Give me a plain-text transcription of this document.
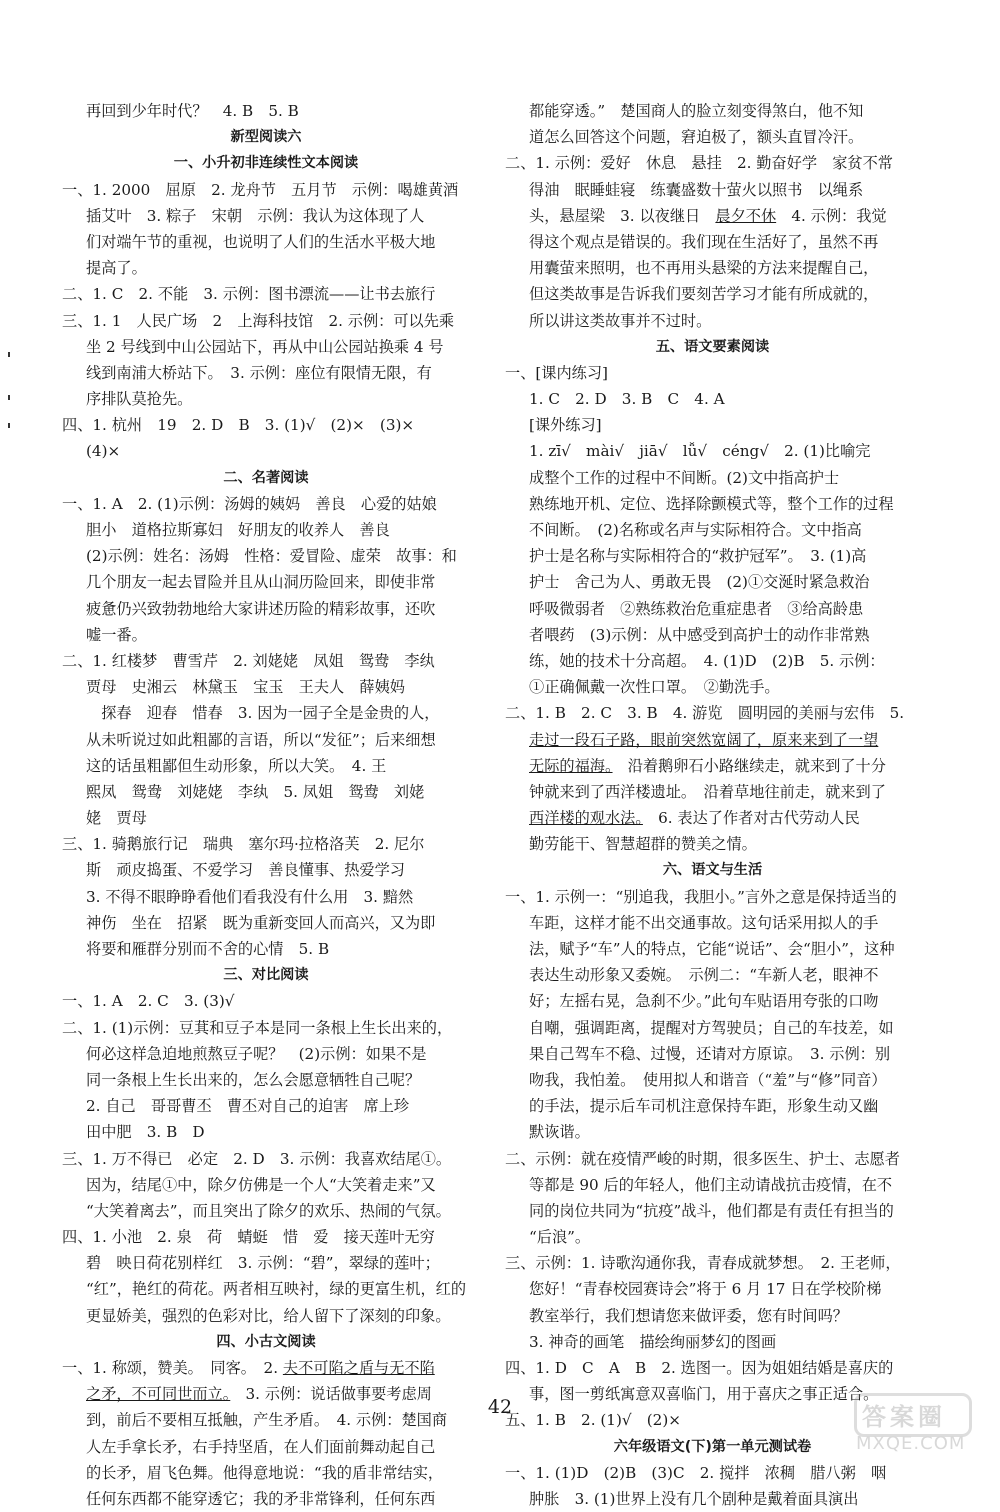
再回到少年时代？　4. B　5. B
新型阅读六
一、小升初非连续性文本阅读
一、1. 2000　屈原　2. 龙舟节　五月节　示例：喝雄黄酒
插艾叶　3. 粽子　宋朝　示例：我认为这体现了人
们对端午节的重视，也说明了人们的生活水平极大地
提高了。
二、1. C　2. 不能　3. 示例：图书漂流——让书去旅行
三、1. 1　人民广场　2　上海科技馆　2. 示例：可以先乘
坐 2 号线到中山公园站下，再从中山公园站换乘 4 号
线到南浦大桥站下。　3. 示例：座位有限情无限，有
序排队莫抢先。
四、1. 杭州　19　2. D　B　3. (1)√　(2)×　(3)×
(4)×
二、名著阅读
一、1. A　2. (1)示例：汤姆的姨妈　善良　心爱的姑娘
胆小　道格拉斯寡妇　好朋友的收养人　善良
(2)示例：姓名：汤姆　性格：爱冒险、虚荣　故事：和
几个朋友一起去冒险并且从山洞历险回来，即使非常
疲惫仍兴致勃勃地给大家讲述历险的精彩故事，还吹
嘘一番。
二、1. 红楼梦　曹雪芹　2. 刘姥姥　凤姐　鸳鸯　李纨
贾母　史湘云　林黛玉　宝玉　王夫人　薛姨妈
　探春　迎春　惜春　3. 因为一园子全是金贵的人，
从未听说过如此粗鄙的言语，所以“发征”；后来细想
这的话虽粗鄙但生动形象，所以大笑。　4. 王
熙凤　鸳鸯　刘姥姥　李纨　5. 凤姐　鸳鸯　刘姥
姥　贾母
三、1. 骑鹅旅行记　瑞典　塞尔玛·拉格洛芙　2. 尼尔
斯　顽皮捣蛋、不爱学习　善良懂事、热爱学习
3. 不得不眼睁睁看他们看我没有什么用　3. 黯然
神伤　坐在　招紧　既为重新变回人而高兴，又为即
将要和雁群分别而不舍的心情　5. B
三、对比阅读
一、1. A　2. C　3. (3)√
二、1. (1)示例：豆萁和豆子本是同一条根上生长出来的，
何必这样急迫地煎熬豆子呢？　(2)示例：如果不是
同一条根上生长出来的，怎么会愿意牺牲自己呢？
2. 自己　哥哥曹丕　曹丕对自己的迫害　席上珍
田中肥　3. B　D
三、1. 万不得已　必定　2. D　3. 示例：我喜欢结尾①。
因为，结尾①中，除夕仿佛是一个人“大笑着走来”又
“大笑着离去”，而且突出了除夕的欢乐、热闹的气氛。
四、1. 小池　2. 泉　荷　蜻蜓　惜　爱　接天莲叶无穷
碧　映日荷花别样红　3. 示例：“碧”，翠绿的莲叶；
“红”，艳红的荷花。两者相互映衬，绿的更富生机，红的
更显娇美，强烈的色彩对比，给人留下了深刻的印象。
四、小古文阅读
一、1. 称颂，赞美。　同客。　2. 夫不可陷之盾与无不陷
之矛，不可同世而立。　3. 示例：说话做事要考虑周
到，前后不要相互抵触，产生矛盾。　4. 示例：楚国商
人左手拿长矛，右手持坚盾，在人们面前舞动起自己
的长矛，眉飞色舞。他得意地说：“我的盾非常结实，
任何东西都不能穿透它；我的矛非常锋利，任何东西
都能穿透。”　楚国商人的脸立刻变得煞白，他不知
道怎么回答这个问题，窘迫极了，额头直冒冷汗。
二、1. 示例：爱好　休息　悬挂　2. 勤奋好学　家贫不常
得油　眠睡蛙寝　练囊盛数十萤火以照书　以绳系
头，悬屋梁　3. 以夜继日　晨夕不休　4. 示例：我觉
得这个观点是错误的。我们现在生活好了，虽然不再
用囊萤来照明，也不再用头悬梁的方法来提醒自己，
但这类故事是告诉我们要刻苦学习才能有所成就的，
所以讲这类故事并不过时。
五、语文要素阅读
一、[课内练习]
1. C　2. D　3. B　C　4. A
[课外练习]
1. zī√　mài√　jiā√　lǚ√　céng√　2. (1)比喻完
成整个工作的过程中不间断。(2)文中指高护士
熟练地开机、定位、选择除颤模式等，整个工作的过程
不间断。　(2)名称或名声与实际相符合。文中指高
护士是名称与实际相符合的“救护冠军”。　3. (1)高
护士　舍己为人、勇敢无畏　(2)①交涎时紧急救治
呼吸微弱者　②熟练救治危重症患者　③给高龄患
者喂药　(3)示例：从中感受到高护士的动作非常熟
练，她的技术十分高超。　4. (1)D　(2)B　5. 示例：
①正确佩戴一次性口罩。　②勤洗手。
二、1. B　2. C　3. B　4. 游览　圆明园的美丽与宏伟　5.
走过一段石子路，眼前突然宽阔了，原来来到了一望
无际的福海。　沿着鹅卵石小路继续走，就来到了十分
钟就来到了西洋楼遗址。　沿着草地往前走，就来到了
西洋楼的观水法。　6. 表达了作者对古代劳动人民
勤劳能干、智慧超群的赞美之情。
六、语文与生活
一、1. 示例一：“别追我，我胆小。”言外之意是保持适当的
车距，这样才能不出交通事故。这句话采用拟人的手
法，赋予“车”人的特点，它能“说话”、会“胆小”，这种
表达生动形象又委婉。　示例二：“车新人老，眼神不
好；左摇右晃，急刹不少。”此句车贴语用夸张的口吻
自嘲，强调距离，提醒对方驾驶员；自己的车技差，如
果自己驾车不稳、过慢，还请对方原谅。　3. 示例：别
吻我，我怕羞。　使用拟人和谐音（“羞”与“修”同音）
的手法，提示后车司机注意保持车距，形象生动又幽
默诙谐。
二、示例：就在疫情严峻的时期，很多医生、护士、志愿者
等都是 90 后的年轻人，他们主动请战抗击疫情，在不
同的岗位共同为“抗疫”战斗，他们都是有责任有担当的
“后浪”。
三、示例：1. 诗歌沟通你我，青春成就梦想。　2. 王老师，
您好！“青春校园赛诗会”将于 6 月 17 日在学校阶梯
教室举行，我们想请您来做评委，您有时间吗？
3. 神奇的画笔　描绘绚丽梦幻的图画
四、1. D　C　A　B　2. 选图一。因为姐姐结婚是喜庆的
事，图一剪纸寓意双喜临门，用于喜庆之事正适合。
五、1. B　2. (1)√　(2)×
六年级语文(下)第一单元测试卷
一、1. (1)D　(2)B　(3)C　2. 搅拌　浓稠　腊八粥　咽
肿胀　3. (1)世界上没有几个剧种是戴着面具演出
42	答案圈
MXQE.COM
